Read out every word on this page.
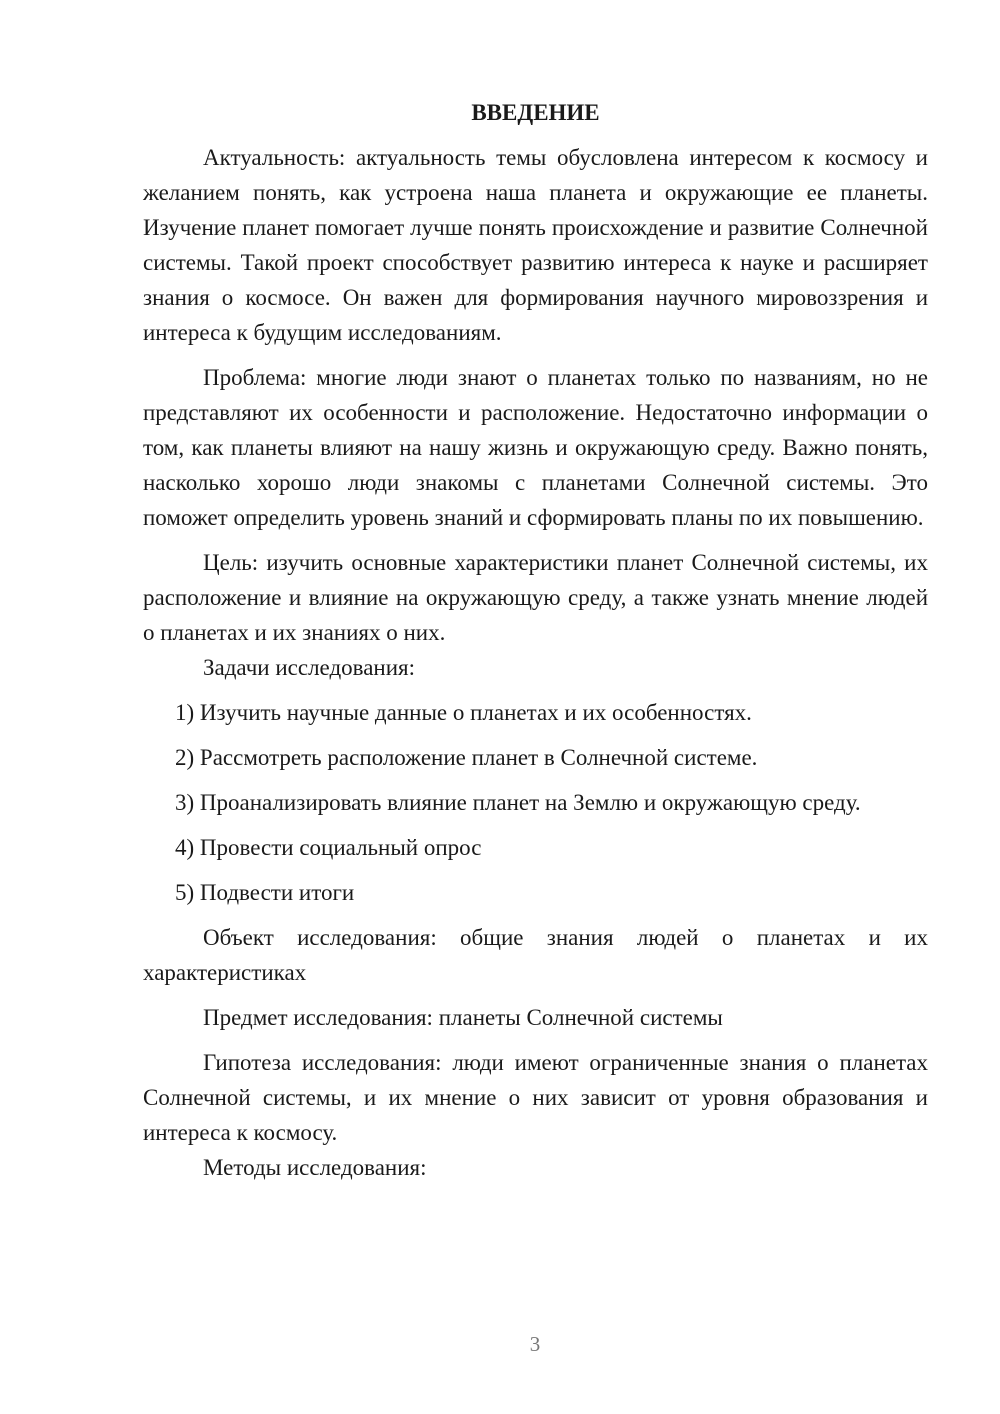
ВВЕДЕНИЕ

Актуальность: актуальность темы обусловлена интересом к космосу и желанием понять, как устроена наша планета и окружающие ее планеты. Изучение планет помогает лучше понять происхождение и развитие Солнечной системы. Такой проект способствует развитию интереса к науке и расширяет знания о космосе. Он важен для формирования научного мировоззрения и интереса к будущим исследованиям.

Проблема: многие люди знают о планетах только по названиям, но не представляют их особенности и расположение. Недостаточно информации о том, как планеты влияют на нашу жизнь и окружающую среду. Важно понять, насколько хорошо люди знакомы с планетами Солнечной системы. Это поможет определить уровень знаний и сформировать планы по их повышению.

Цель: изучить основные характеристики планет Солнечной системы, их расположение и влияние на окружающую среду, а также узнать мнение людей о планетах и их знаниях о них.

Задачи исследования:

1) Изучить научные данные о планетах и их особенностях.
2) Рассмотреть расположение планет в Солнечной системе.
3) Проанализировать влияние планет на Землю и окружающую среду.
4) Провести социальный опрос
5) Подвести итоги

Объект исследования: общие знания людей о планетах и их характеристиках

Предмет исследования: планеты Солнечной системы

Гипотеза исследования: люди имеют ограниченные знания о планетах Солнечной системы, и их мнение о них зависит от уровня образования и интереса к космосу.

Методы исследования:

3
